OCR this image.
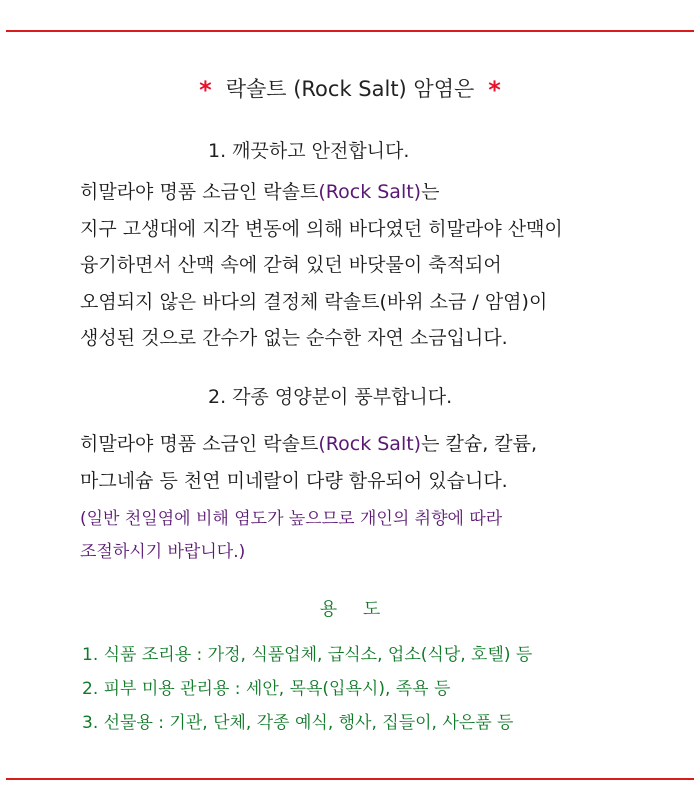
* 락솔트 (Rock Salt) 암염은 *
1. 깨끗하고 안전합니다.
히말라야 명품 소금인 락솔트(Rock Salt)는
지구 고생대에 지각 변동에 의해 바다였던 히말라야 산맥이
융기하면서 산맥 속에 갇혀 있던 바닷물이 축적되어
오염되지 않은 바다의 결정체 락솔트(바위 소금 / 암염)이
생성된 것으로 간수가 없는 순수한 자연 소금입니다.
2. 각종 영양분이 풍부합니다.
히말라야 명품 소금인 락솔트(Rock Salt)는 칼슘, 칼륨,
마그네슘 등 천연 미네랄이 다량 함유되어 있습니다.
(일반 천일염에 비해 염도가 높으므로 개인의 취향에 따라
조절하시기 바랍니다.)
용 도
1. 식품 조리용 : 가정, 식품업체, 급식소, 업소(식당, 호텔) 등
2. 피부 미용 관리용 : 세안, 목욕(입욕시), 족욕 등
3. 선물용 : 기관, 단체, 각종 예식, 행사, 집들이, 사은품 등
